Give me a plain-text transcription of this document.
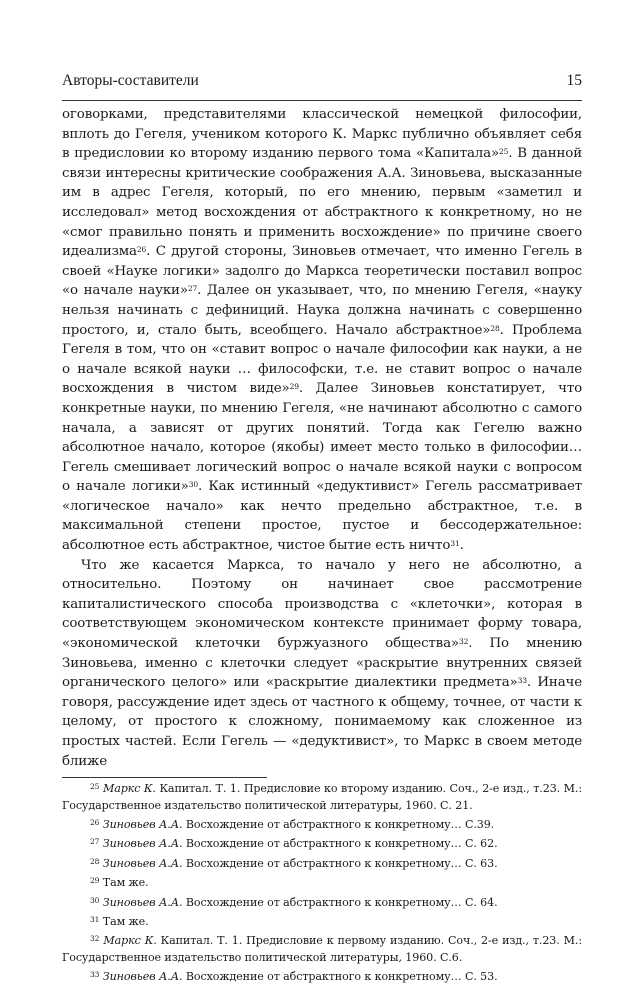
Авторы-составители	15

оговорками, представителями классической немецкой философии, вплоть до Гегеля, учеником которого К. Маркс публично объявляет себя в предисловии ко второму изданию первого тома «Капитала»$^{25}$. В данной связи интересны критические соображения А.А. Зиновьева, высказанные им в адрес Гегеля, который, по его мнению, первым «заметил и исследовал» метод восхождения от абстрактного к конкретному, но не «смог правильно понять и применить восхождение» по причине своего идеализма$^{26}$. С другой стороны, Зиновьев отмечает, что именно Гегель в своей «Науке логики» задолго до Маркса теоретически поставил вопрос «о начале науки»$^{27}$. Далее он указывает, что, по мнению Гегеля, «науку нельзя начинать с дефиниций. Наука должна начинать с совершенно простого, и, стало быть, всеобщего. Начало абстрактное»$^{28}$. Проблема Гегеля в том, что он «ставит вопрос о начале философии как науки, а не о начале всякой науки … философски, т.е. не ставит вопрос о начале восхождения в чистом виде»$^{29}$. Далее Зиновьев констатирует, что конкретные науки, по мнению Гегеля, «не начинают абсолютно с самого начала, а зависят от других понятий. Тогда как Гегелю важно абсолютное начало, которое (якобы) имеет место только в философии… Гегель смешивает логический вопрос о начале всякой науки с вопросом о начале логики»$^{30}$. Как истинный «дедуктивист» Гегель рассматривает «логическое начало» как нечто предельно абстрактное, т.е. в максимальной степени простое, пустое и бессодержательное: абсолютное есть абстрактное, чистое бытие есть ничто$^{31}$.

Что же касается Маркса, то начало у него не абсолютно, а относительно. Поэтому он начинает свое рассмотрение капиталистического способа производства с «клеточки», которая в соответствующем экономическом контексте принимает форму товара, «экономической клеточки буржуазного общества»$^{32}$. По мнению Зиновьева, именно с клеточки следует «раскрытие внутренних связей органического целого» или «раскрытие диалектики предмета»$^{33}$. Иначе говоря, рассуждение идет здесь от частного к общему, точнее, от части к целому, от простого к сложному, понимаемому как сложенное из простых частей. Если Гегель — «дедуктивист», то Маркс в своем методе ближе

$^{25}$ Маркс К. Капитал. Т. 1. Предисловие ко второму изданию. Соч., 2-е изд., т.23. М.: Государственное издательство политической литературы, 1960. С. 21.

$^{26}$ Зиновьев А.А. Восхождение от абстрактного к конкретному… С.39.

$^{27}$ Зиновьев А.А. Восхождение от абстрактного к конкретному… С. 62.

$^{28}$ Зиновьев А.А. Восхождение от абстрактного к конкретному… С. 63.

$^{29}$ Там же.

$^{30}$ Зиновьев А.А. Восхождение от абстрактного к конкретному… С. 64.

$^{31}$ Там же.

$^{32}$ Маркс К. Капитал. Т. 1. Предисловие к первому изданию. Соч., 2-е изд., т.23. М.: Государственное издательство политической литературы, 1960. С.6.

$^{33}$ Зиновьев А.А. Восхождение от абстрактного к конкретному… С. 53.
